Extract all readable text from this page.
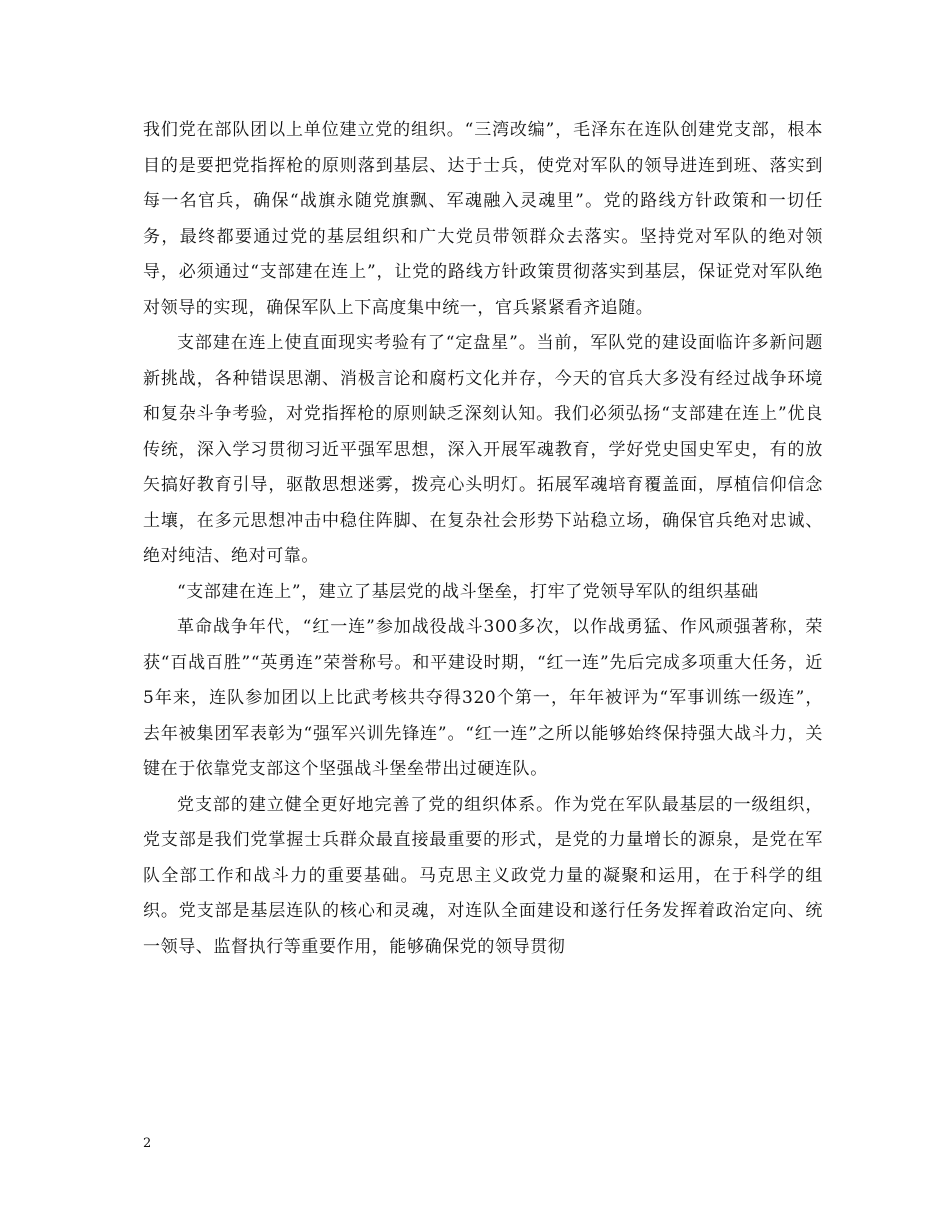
我们党在部队团以上单位建立党的组织。“三湾改编”，毛泽东在连队创建党支部，根本目的是要把党指挥枪的原则落到基层、达于士兵，使党对军队的领导进连到班、落实到每一名官兵，确保“战旗永随党旗飘、军魂融入灵魂里”。党的路线方针政策和一切任务，最终都要通过党的基层组织和广大党员带领群众去落实。坚持党对军队的绝对领导，必须通过“支部建在连上”，让党的路线方针政策贯彻落实到基层，保证党对军队绝对领导的实现，确保军队上下高度集中统一，官兵紧紧看齐追随。

支部建在连上使直面现实考验有了“定盘星”。当前，军队党的建设面临许多新问题新挑战，各种错误思潮、消极言论和腐朽文化并存，今天的官兵大多没有经过战争环境和复杂斗争考验，对党指挥枪的原则缺乏深刻认知。我们必须弘扬“支部建在连上”优良传统，深入学习贯彻习近平强军思想，深入开展军魂教育，学好党史国史军史，有的放矢搞好教育引导，驱散思想迷雾，拨亮心头明灯。拓展军魂培育覆盖面，厚植信仰信念土壤，在多元思想冲击中稳住阵脚、在复杂社会形势下站稳立场，确保官兵绝对忠诚、绝对纯洁、绝对可靠。

“支部建在连上”，建立了基层党的战斗堡垒，打牢了党领导军队的组织基础

革命战争年代，“红一连”参加战役战斗300多次，以作战勇猛、作风顽强著称，荣获“百战百胜”“英勇连”荣誉称号。和平建设时期，“红一连”先后完成多项重大任务，近5年来，连队参加团以上比武考核共夺得320个第一，年年被评为“军事训练一级连”，去年被集团军表彰为“强军兴训先锋连”。“红一连”之所以能够始终保持强大战斗力，关键在于依靠党支部这个坚强战斗堡垒带出过硬连队。

党支部的建立健全更好地完善了党的组织体系。作为党在军队最基层的一级组织，党支部是我们党掌握士兵群众最直接最重要的形式，是党的力量增长的源泉，是党在军队全部工作和战斗力的重要基础。马克思主义政党力量的凝聚和运用，在于科学的组织。党支部是基层连队的核心和灵魂，对连队全面建设和遂行任务发挥着政治定向、统一领导、监督执行等重要作用，能够确保党的领导贯彻

2
